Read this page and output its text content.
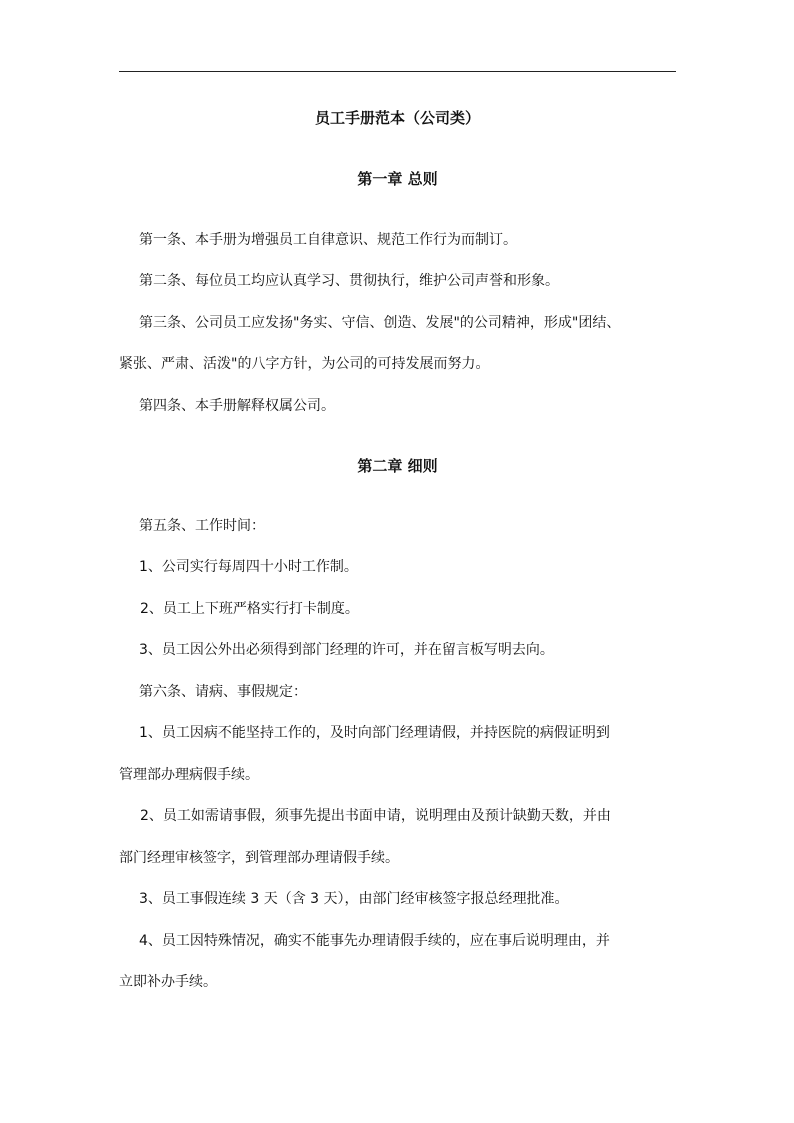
员工手册范本（公司类）
第一章 总则
第一条、本手册为增强员工自律意识、规范工作行为而制订。
第二条、每位员工均应认真学习、贯彻执行，维护公司声誉和形象。
第三条、公司员工应发扬"务实、守信、创造、发展"的公司精神，形成"团结、
紧张、严肃、活泼"的八字方针，为公司的可持发展而努力。
第四条、本手册解释权属公司。
第二章 细则
第五条、工作时间：
1、公司实行每周四十小时工作制。
2、员工上下班严格实行打卡制度。
3、员工因公外出必须得到部门经理的许可，并在留言板写明去向。
第六条、请病、事假规定：
1、员工因病不能坚持工作的，及时向部门经理请假，并持医院的病假证明到
管理部办理病假手续。
2、员工如需请事假，须事先提出书面申请，说明理由及预计缺勤天数，并由
部门经理审核签字，到管理部办理请假手续。
3、员工事假连续 3 天（含 3 天），由部门经审核签字报总经理批准。
4、员工因特殊情况，确实不能事先办理请假手续的，应在事后说明理由，并
立即补办手续。
